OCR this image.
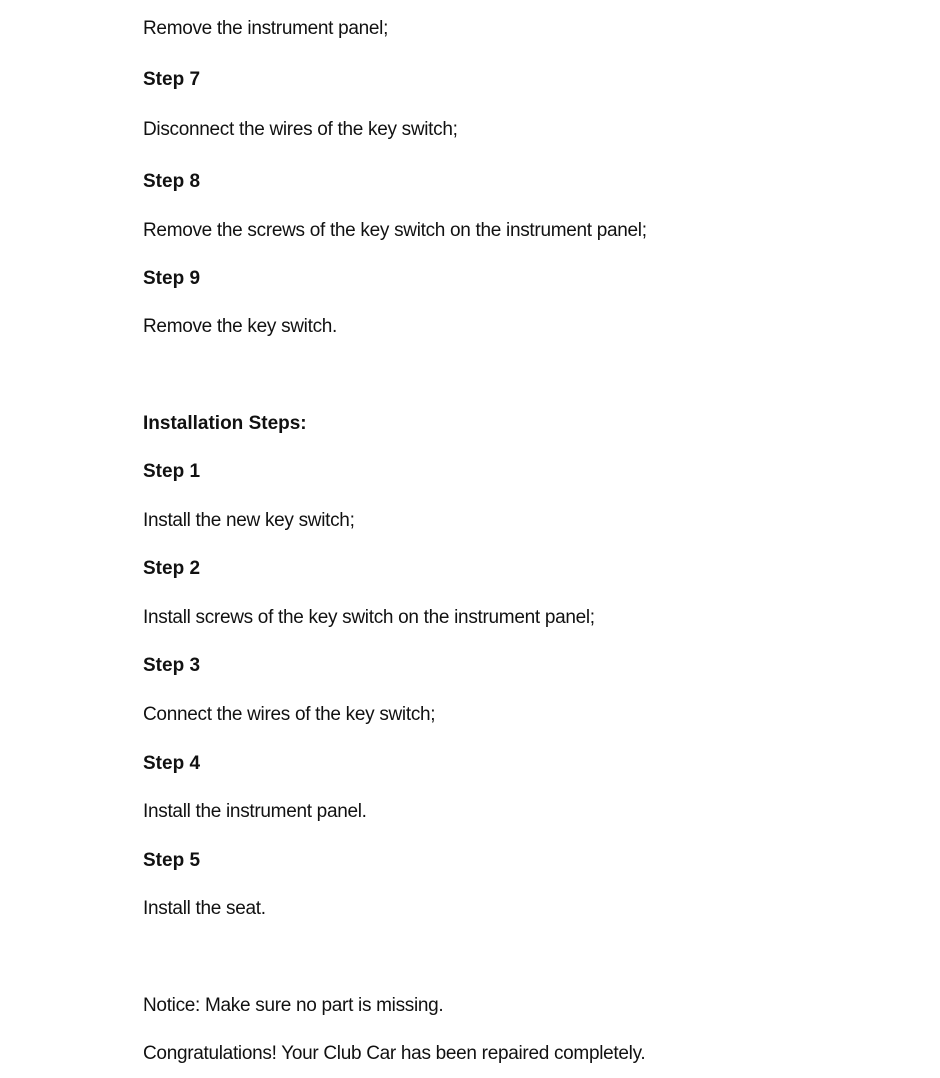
Remove the instrument panel;
Step 7
Disconnect the wires of the key switch;
Step 8
Remove the screws of the key switch on the instrument panel;
Step 9
Remove the key switch.
Installation Steps:
Step 1
Install the new key switch;
Step 2
Install screws of the key switch on the instrument panel;
Step 3
Connect the wires of the key switch;
Step 4
Install the instrument panel.
Step 5
Install the seat.
Notice: Make sure no part is missing.
Congratulations! Your Club Car has been repaired completely.
